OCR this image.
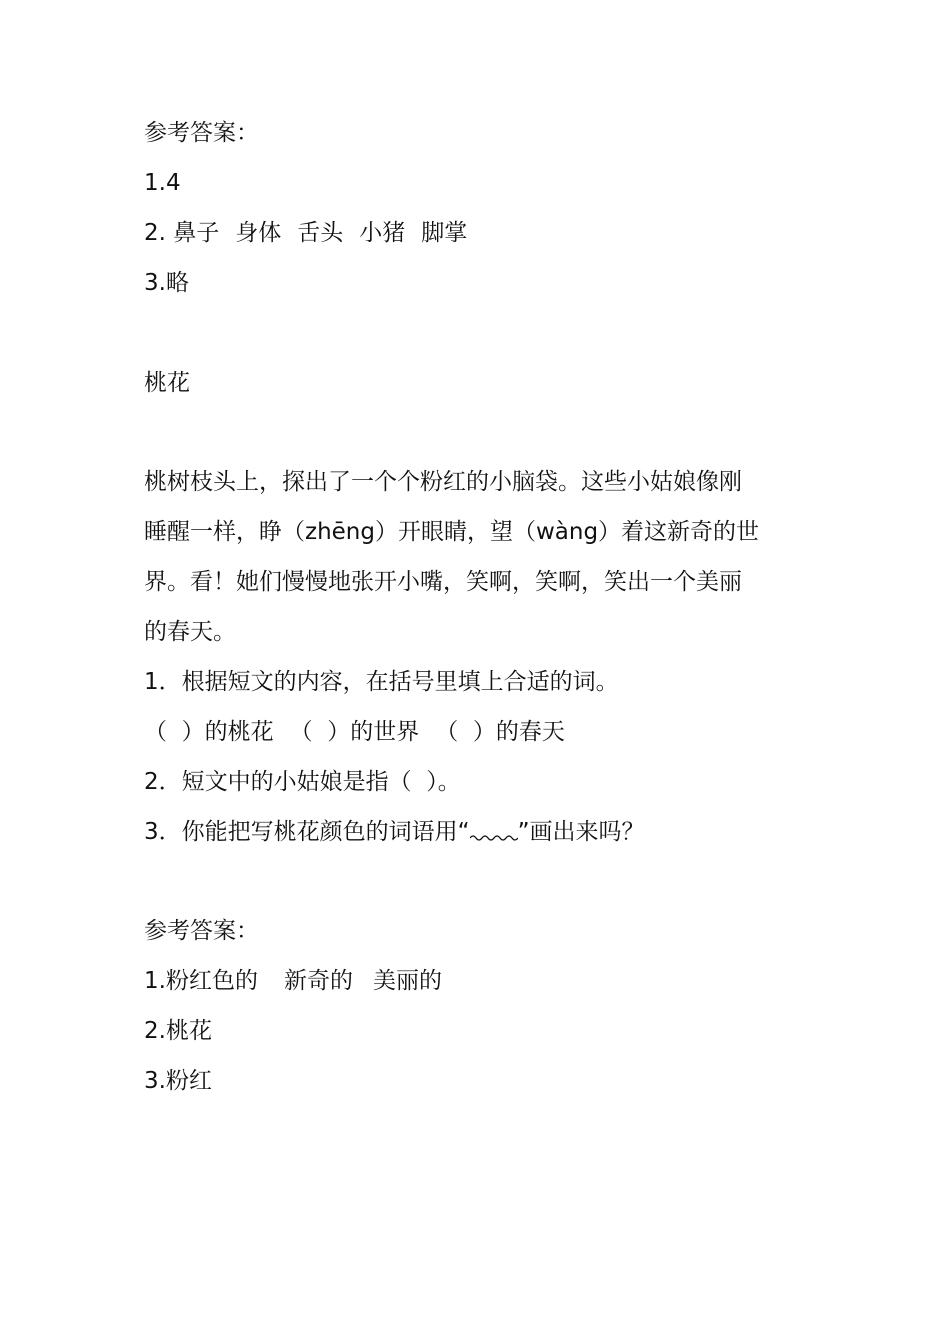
参考答案：
1.4
2. 鼻子 身体 舌头 小猪 脚掌
3.略
桃花
桃树枝头上，探出了一个个粉红的小脑袋。这些小姑娘像刚
睡醒一样，睁（zhēng）开眼睛，望（wàng）着这新奇的世
界。看！她们慢慢地张开小嘴，笑啊，笑啊，笑出一个美丽
的春天。
1．根据短文的内容，在括号里填上合适的词。
（  ）的桃花 （  ）的世界 （  ）的春天
2．短文中的小姑娘是指（  ）。
3．你能把写桃花颜色的词语用“ ”画出来吗？
参考答案：
1.粉红色的 新奇的 美丽的
2.桃花
3.粉红
